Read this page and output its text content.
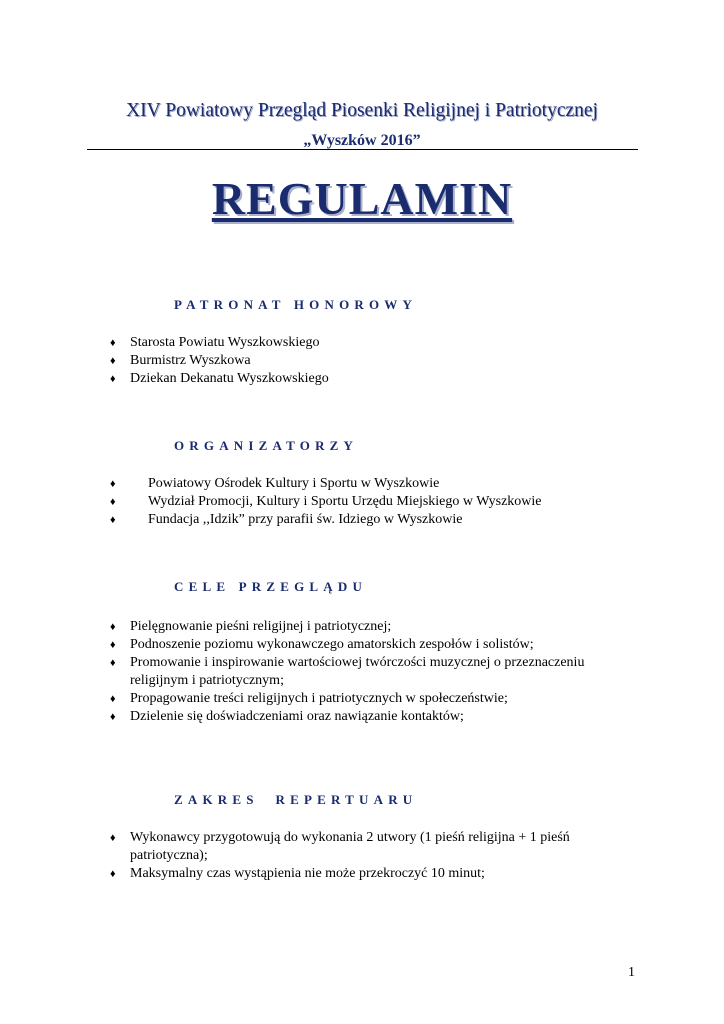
XIV Powiatowy Przegląd Piosenki Religijnej i Patriotycznej
„Wyszków 2016”
REGULAMIN
PATRONAT HONOROWY
♦ Starosta Powiatu Wyszkowskiego
♦ Burmistrz Wyszkowa
♦ Dziekan Dekanatu Wyszkowskiego
ORGANIZATORZY
♦ Powiatowy Ośrodek Kultury i Sportu w Wyszkowie
♦ Wydział Promocji, Kultury i Sportu Urzędu Miejskiego w Wyszkowie
♦ Fundacja ,,Idzik” przy parafii św. Idziego w Wyszkowie
CELE PRZEGLĄDU
♦ Pielęgnowanie pieśni religijnej i patriotycznej;
♦ Podnoszenie poziomu wykonawczego amatorskich zespołów i solistów;
♦ Promowanie i inspirowanie wartościowej twórczości muzycznej o przeznaczeniu religijnym i patriotycznym;
♦ Propagowanie treści religijnych i patriotycznych w społeczeństwie;
♦ Dzielenie się doświadczeniami oraz nawiązanie kontaktów;
ZAKRES  REPERTUARU
♦ Wykonawcy przygotowują do wykonania 2 utwory (1 pieśń religijna + 1 pieśń patriotyczna);
♦ Maksymalny czas wystąpienia nie może przekroczyć 10 minut;
1
